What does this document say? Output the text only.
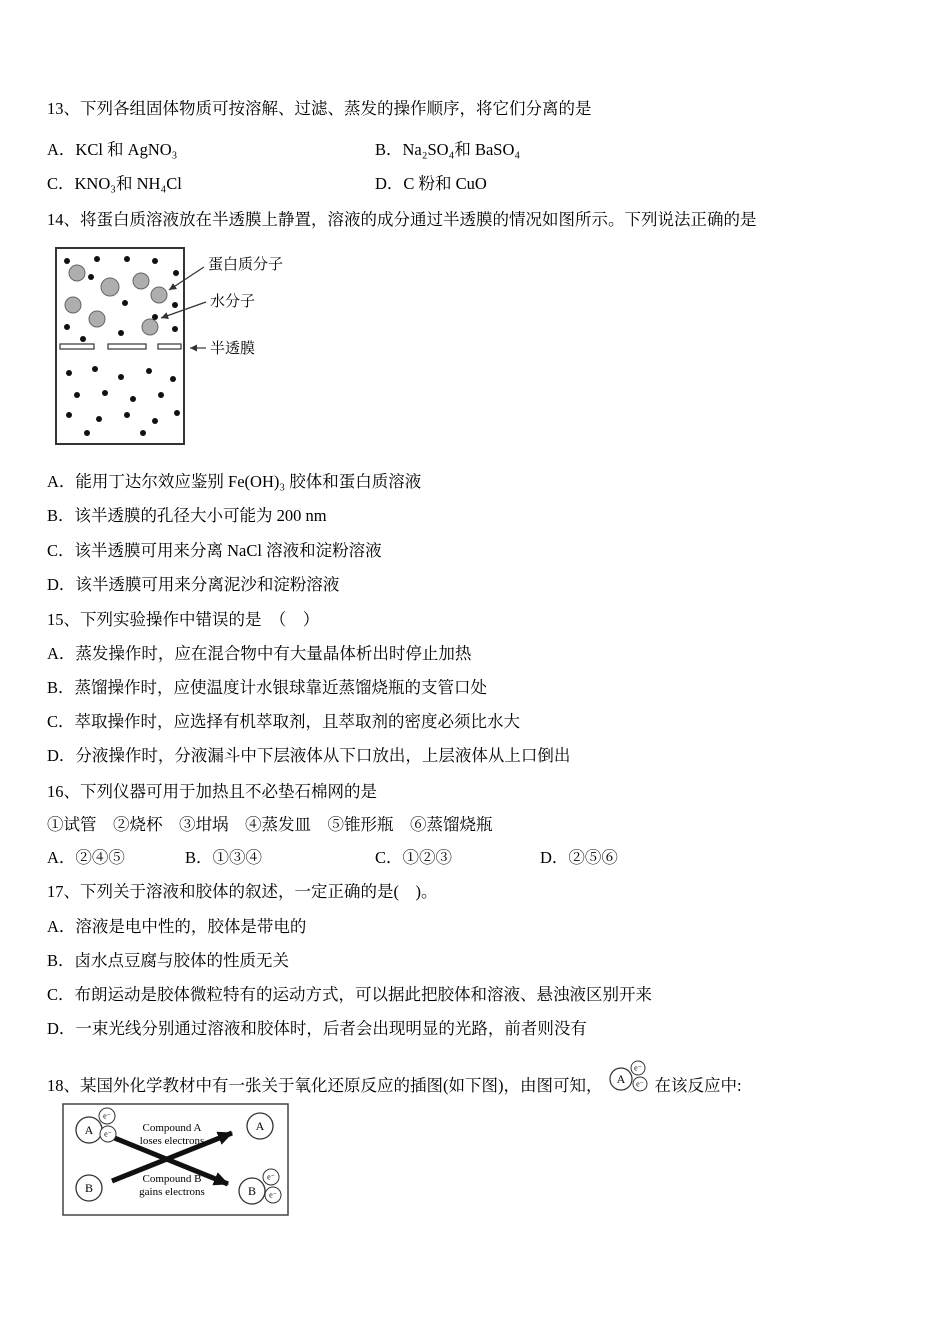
13、下列各组固体物质可按溶解、过滤、蒸发的操作顺序，将它们分离的是
A．KCl 和 AgNO₃	B．Na₂SO₄和 BaSO₄
C．KNO₃和 NH₄Cl	D．C 粉和 CuO
14、将蛋白质溶液放在半透膜上静置，溶液的成分通过半透膜的情况如图所示。下列说法正确的是
蛋白质分子
水分子
半透膜
A．能用丁达尔效应鉴别 Fe(OH)₃ 胶体和蛋白质溶液
B．该半透膜的孔径大小可能为 200 nm
C．该半透膜可用来分离 NaCl 溶液和淀粉溶液
D．该半透膜可用来分离泥沙和淀粉溶液
15、下列实验操作中错误的是　（　）
A．蒸发操作时，应在混合物中有大量晶体析出时停止加热
B．蒸馏操作时，应使温度计水银球靠近蒸馏烧瓶的支管口处
C．萃取操作时，应选择有机萃取剂，且萃取剂的密度必须比水大
D．分液操作时，分液漏斗中下层液体从下口放出，上层液体从上口倒出
16、下列仪器可用于加热且不必垫石棉网的是
①试管　②烧杯　③坩埚　④蒸发皿　⑤锥形瓶　⑥蒸馏烧瓶
A．②④⑤	B．①③④	C．①②③	D．②⑤⑥
17、下列关于溶液和胶体的叙述，一定正确的是(　)。
A．溶液是电中性的，胶体是带电的
B．卤水点豆腐与胶体的性质无关
C．布朗运动是胶体微粒特有的运动方式，可以据此把胶体和溶液、悬浊液区别开来
D．一束光线分别通过溶液和胶体时，后者会出现明显的光路，前者则没有
18、某国外化学教材中有一张关于氧化还原反应的插图(如下图)，由图可知， A
e⁻
e⁻ 在该反应中:
A
e⁻
e⁻
A
B	B
e⁻
e⁻
Compound A
loses electrons
Compound B
gains electrons
